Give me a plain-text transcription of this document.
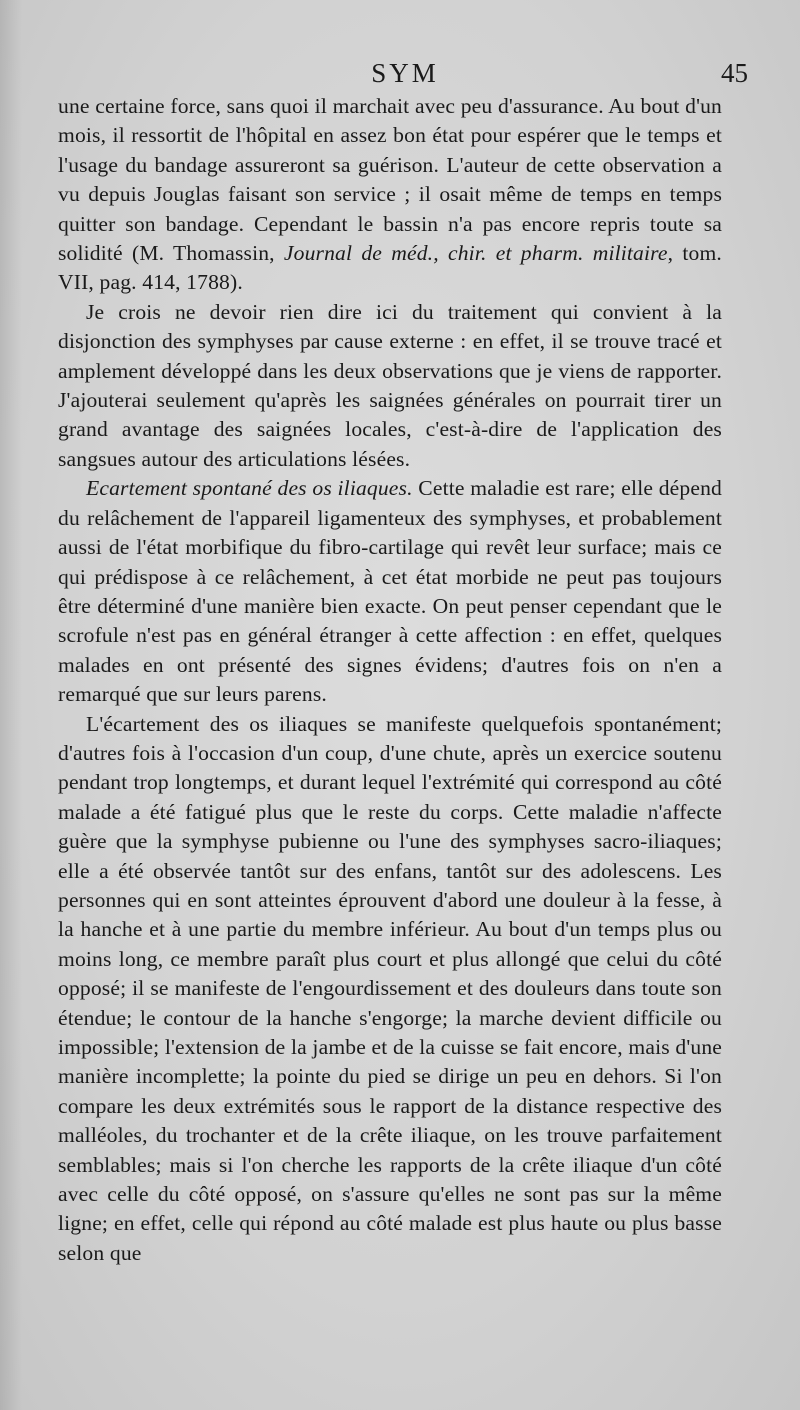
SYM	45

une certaine force, sans quoi il marchait avec peu d'assurance. Au bout d'un mois, il ressortit de l'hôpital en assez bon état pour espérer que le temps et l'usage du bandage assureront sa guérison. L'auteur de cette observation a vu depuis Jouglas faisant son service ; il osait même de temps en temps quitter son bandage. Cependant le bassin n'a pas encore repris toute sa solidité (M. Thomassin, Journal de méd., chir. et pharm. militaire, tom. VII, pag. 414, 1788).

Je crois ne devoir rien dire ici du traitement qui convient à la disjonction des symphyses par cause externe : en effet, il se trouve tracé et amplement développé dans les deux observations que je viens de rapporter. J'ajouterai seulement qu'après les saignées générales on pourrait tirer un grand avantage des saignées locales, c'est-à-dire de l'application des sangsues autour des articulations lésées.

Ecartement spontané des os iliaques. Cette maladie est rare; elle dépend du relâchement de l'appareil ligamenteux des symphyses, et probablement aussi de l'état morbifique du fibro-cartilage qui revêt leur surface; mais ce qui prédispose à ce relâchement, à cet état morbide ne peut pas toujours être déterminé d'une manière bien exacte. On peut penser cependant que le scrofule n'est pas en général étranger à cette affection : en effet, quelques malades en ont présenté des signes évidens; d'autres fois on n'en a remarqué que sur leurs parens.

L'écartement des os iliaques se manifeste quelquefois spontanément; d'autres fois à l'occasion d'un coup, d'une chute, après un exercice soutenu pendant trop longtemps, et durant lequel l'extrémité qui correspond au côté malade a été fatigué plus que le reste du corps. Cette maladie n'affecte guère que la symphyse pubienne ou l'une des symphyses sacro-iliaques; elle a été observée tantôt sur des enfans, tantôt sur des adolescens. Les personnes qui en sont atteintes éprouvent d'abord une douleur à la fesse, à la hanche et à une partie du membre inférieur. Au bout d'un temps plus ou moins long, ce membre paraît plus court et plus allongé que celui du côté opposé; il se manifeste de l'engourdissement et des douleurs dans toute son étendue; le contour de la hanche s'engorge; la marche devient difficile ou impossible; l'extension de la jambe et de la cuisse se fait encore, mais d'une manière incomplette; la pointe du pied se dirige un peu en dehors. Si l'on compare les deux extrémités sous le rapport de la distance respective des malléoles, du trochanter et de la crête iliaque, on les trouve parfaitement semblables; mais si l'on cherche les rapports de la crête iliaque d'un côté avec celle du côté opposé, on s'assure qu'elles ne sont pas sur la même ligne; en effet, celle qui répond au côté malade est plus haute ou plus basse selon que
